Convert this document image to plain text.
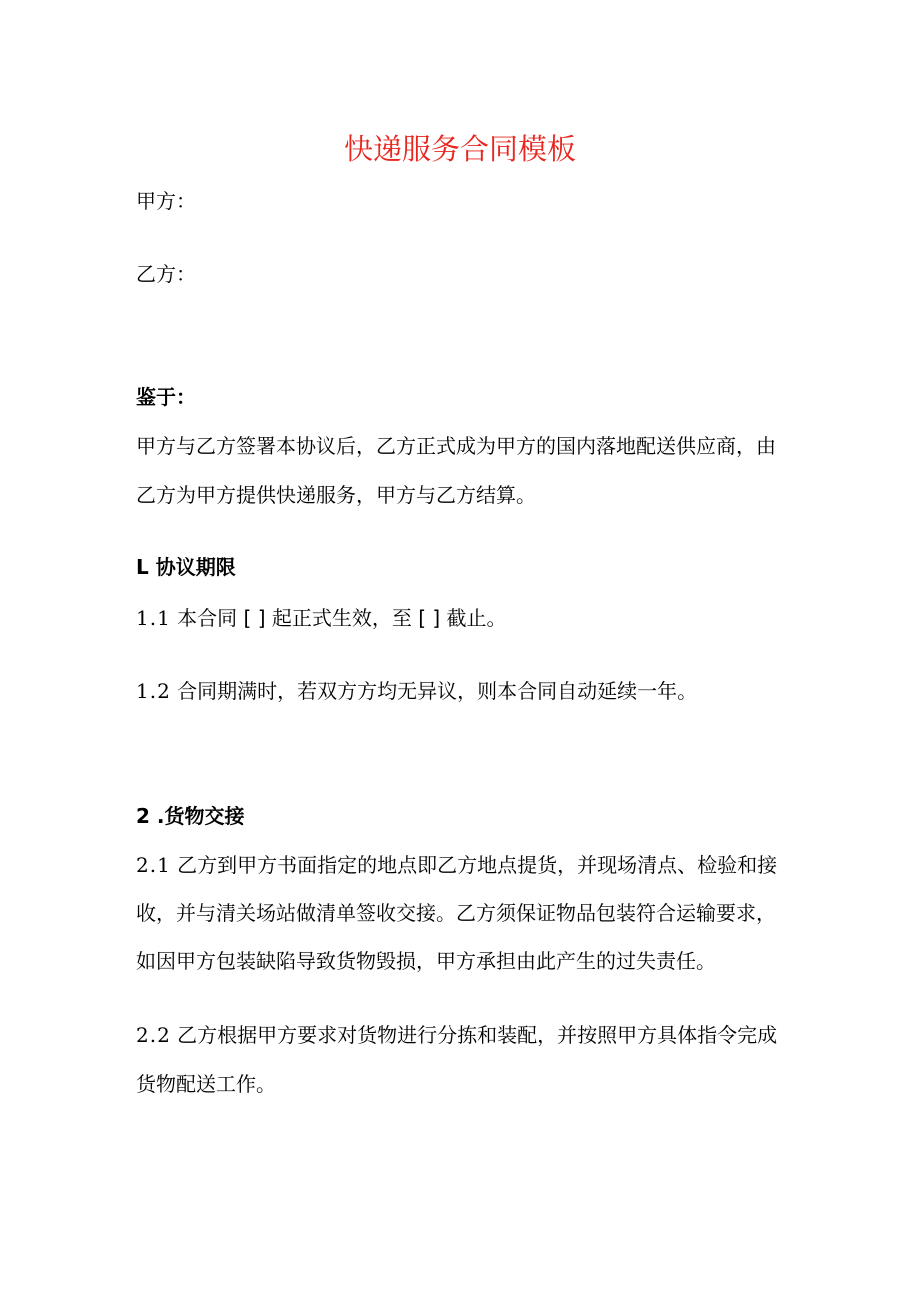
快递服务合同模板
甲方：
乙方：
鉴于：
甲方与乙方签署本协议后，乙方正式成为甲方的国内落地配送供应商，由
乙方为甲方提供快递服务，甲方与乙方结算。
L 协议期限
1.1 本合同 [ ] 起正式生效，至 [ ] 截止。
1.2 合同期满时，若双方方均无异议，则本合同自动延续一年。
2 .货物交接
2.1 乙方到甲方书面指定的地点即乙方地点提货，并现场清点、检验和接
收，并与清关场站做清单签收交接。乙方须保证物品包装符合运输要求，
如因甲方包装缺陷导致货物毁损，甲方承担由此产生的过失责任。
2.2 乙方根据甲方要求对货物进行分拣和装配，并按照甲方具体指令完成
货物配送工作。
